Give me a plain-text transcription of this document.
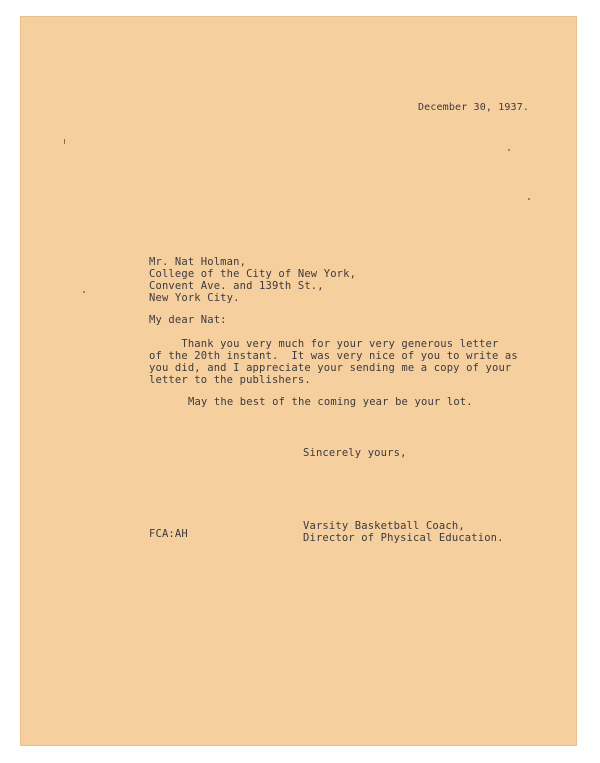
December 30, 1937.
Mr. Nat Holman,
College of the City of New York,
Convent Ave. and 139th St.,
New York City.
My dear Nat:
Thank you very much for your very generous letter
of the 20th instant.  It was very nice of you to write as
you did, and I appreciate your sending me a copy of your
letter to the publishers.
May the best of the coming year be your lot.
Sincerely yours,
FCA:AH
Varsity Basketball Coach,
Director of Physical Education.
